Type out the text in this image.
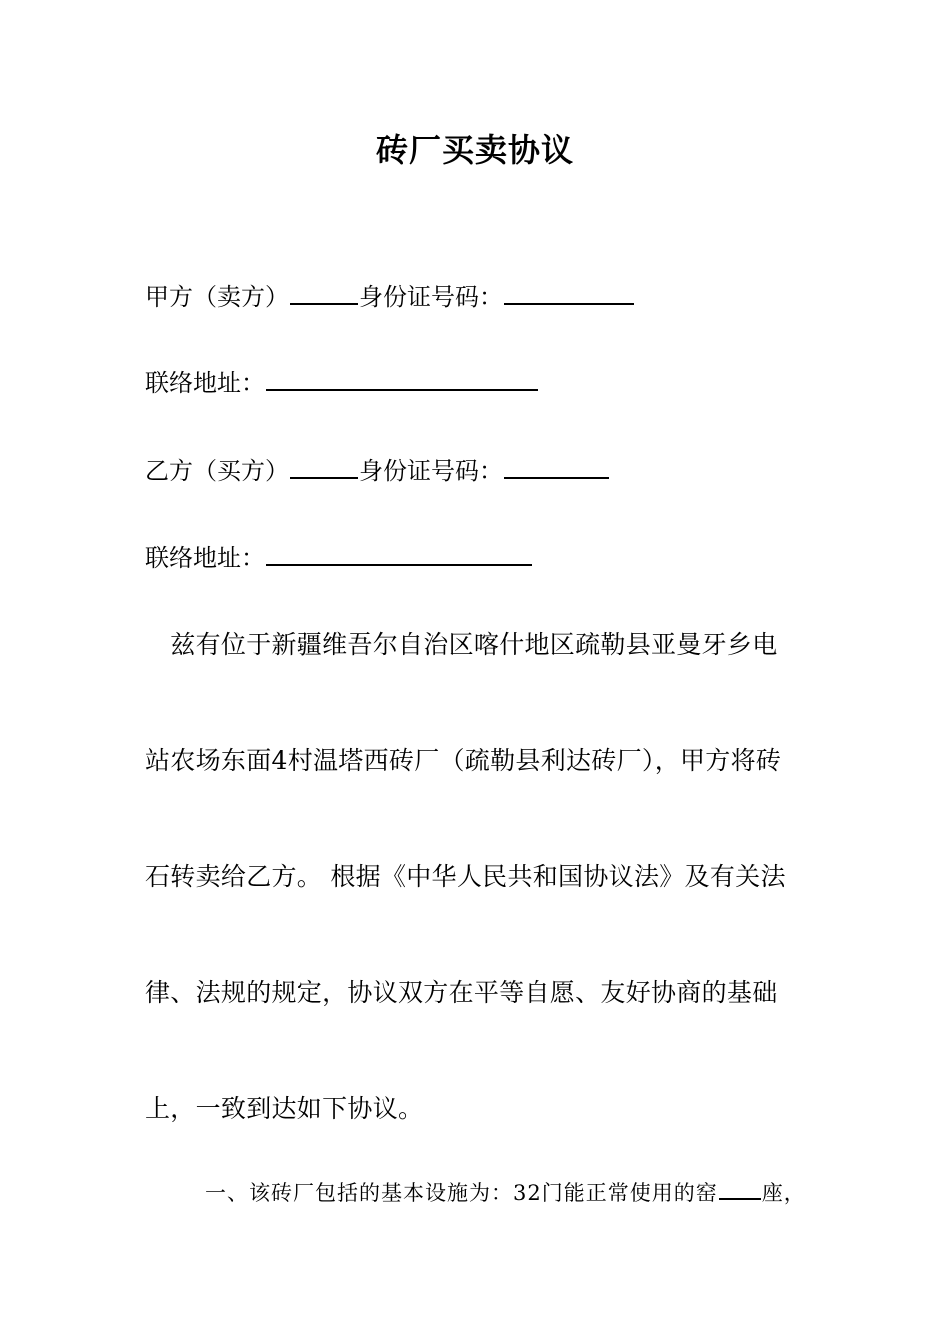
砖厂买卖协议
甲方（卖方）	身份证号码：
联络地址：
乙方（买方）	身份证号码：
联络地址：
　兹有位于新疆维吾尔自治区喀什地区疏勒县亚曼牙乡电
站农场东面4村温塔西砖厂（疏勒县利达砖厂），甲方将砖
石转卖给乙方。 根据《中华人民共和国协议法》及有关法
律、法规的规定，协议双方在平等自愿、友好协商的基础
上，一致到达如下协议。
一、该砖厂包括的基本设施为：32门能正常使用的窑 座，
